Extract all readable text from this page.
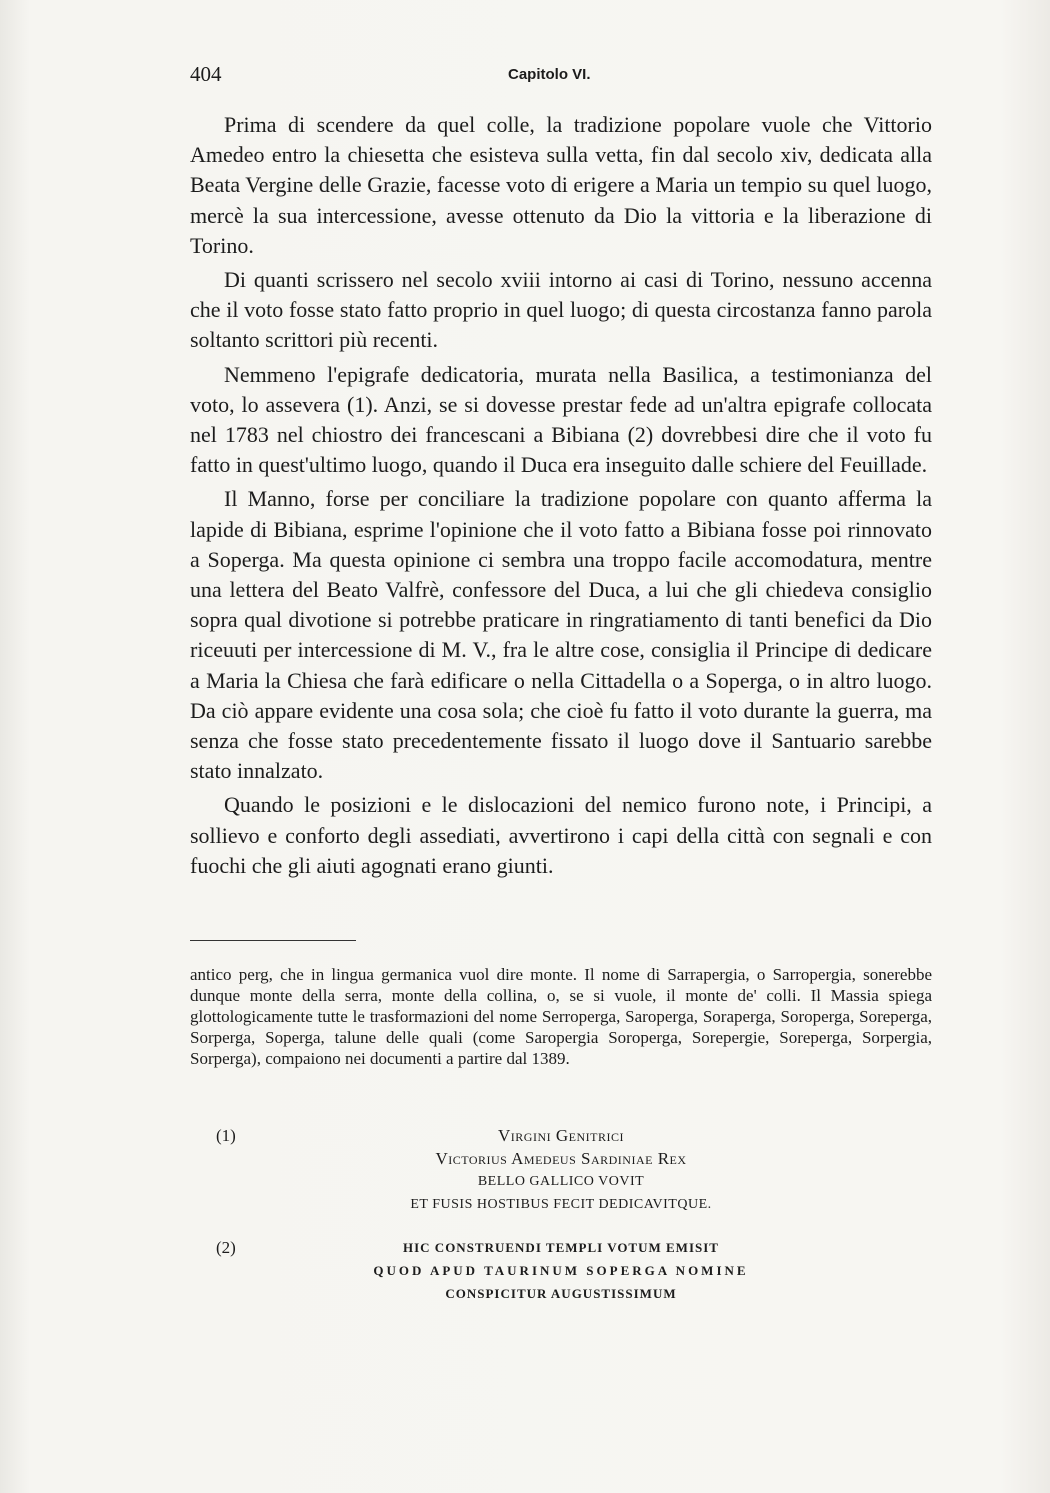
404	Capitolo VI.

Prima di scendere da quel colle, la tradizione popolare vuole che Vittorio Amedeo entro la chiesetta che esisteva sulla vetta, fin dal secolo xiv, dedicata alla Beata Vergine delle Grazie, facesse voto di erigere a Maria un tempio su quel luogo, mercè la sua intercessione, avesse ottenuto da Dio la vittoria e la liberazione di Torino.

Di quanti scrissero nel secolo xviii intorno ai casi di Torino, nessuno accenna che il voto fosse stato fatto proprio in quel luogo; di questa circostanza fanno parola soltanto scrittori più recenti.

Nemmeno l'epigrafe dedicatoria, murata nella Basilica, a testimonianza del voto, lo assevera (1). Anzi, se si dovesse prestar fede ad un'altra epigrafe collocata nel 1783 nel chiostro dei francescani a Bibiana (2) dovrebbesi dire che il voto fu fatto in quest'ultimo luogo, quando il Duca era inseguito dalle schiere del Feuillade.

Il Manno, forse per conciliare la tradizione popolare con quanto afferma la lapide di Bibiana, esprime l'opinione che il voto fatto a Bibiana fosse poi rinnovato a Soperga. Ma questa opinione ci sembra una troppo facile accomodatura, mentre una lettera del Beato Valfrè, confessore del Duca, a lui che gli chiedeva consiglio sopra qual divotione si potrebbe praticare in ringratiamento di tanti benefici da Dio riceuuti per intercessione di M. V., fra le altre cose, consiglia il Principe di dedicare a Maria la Chiesa che farà edificare o nella Cittadella o a Soperga, o in altro luogo. Da ciò appare evidente una cosa sola; che cioè fu fatto il voto durante la guerra, ma senza che fosse stato precedentemente fissato il luogo dove il Santuario sarebbe stato innalzato.

Quando le posizioni e le dislocazioni del nemico furono note, i Principi, a sollievo e conforto degli assediati, avvertirono i capi della città con segnali e con fuochi che gli aiuti agognati erano giunti.

antico perg, che in lingua germanica vuol dire monte. Il nome di Sarrapergia, o Sarropergia, sonerebbe dunque monte della serra, monte della collina, o, se si vuole, il monte de' colli. Il Massia spiega glottologicamente tutte le trasformazioni del nome Serroperga, Saroperga, Soraperga, Soroperga, Soreperga, Sorperga, Soperga, talune delle quali (come Saropergia Soroperga, Sorepergie, Soreperga, Sorpergia, Sorperga), compaiono nei documenti a partire dal 1389.
(1)	Virgini Genitrici
Victorius Amedeus Sardiniae Rex
BELLO GALLICO VOVIT
ET FUSIS HOSTIBUS FECIT DEDICAVITQUE.
(2)	HIC CONSTRUENDI TEMPLI VOTUM EMISIT
QUOD APUD TAURINUM SOPERGA NOMINE
CONSPICITUR AUGUSTISSIMUM
